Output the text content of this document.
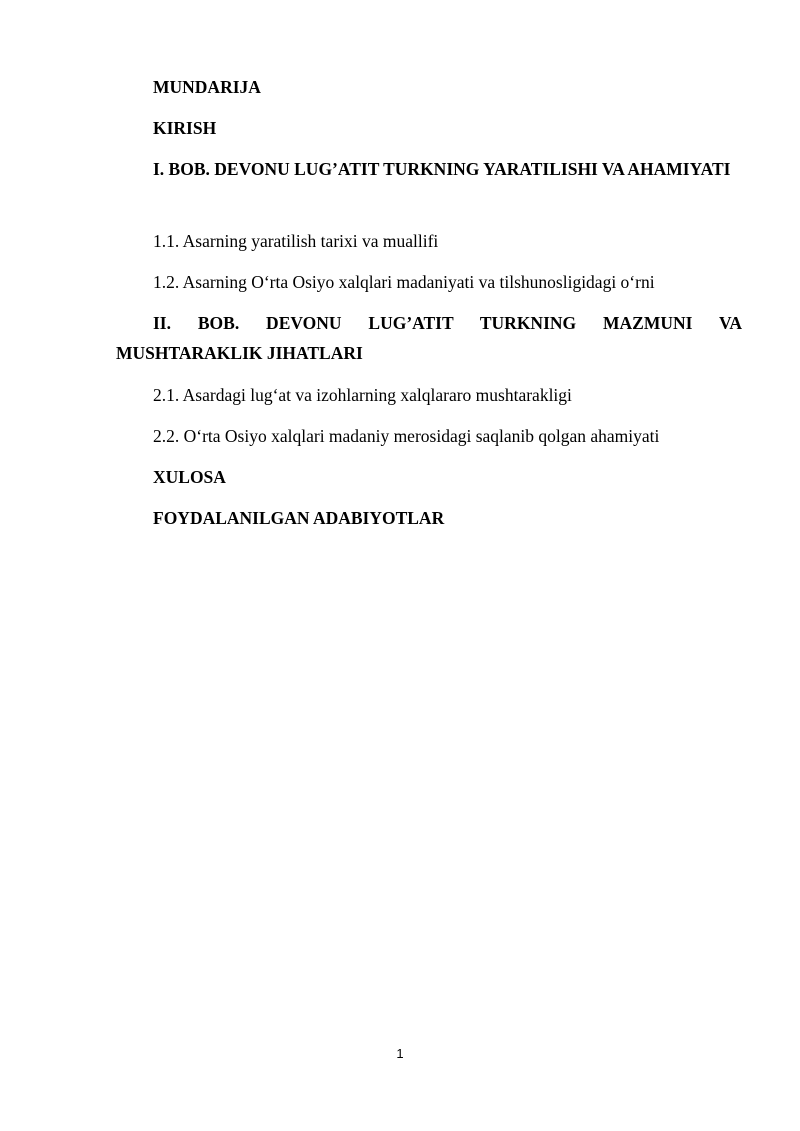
MUNDARIJA

KIRISH

I. BOB. DEVONU LUG’ATIT TURKNING YARATILISHI VA AHAMIYATI

1.1. Asarning yaratilish tarixi va muallifi

1.2. Asarning O‘rta Osiyo xalqlari madaniyati va tilshunosligidagi o‘rni

II. BOB. DEVONU LUG’ATIT TURKNING MAZMUNI VA MUSHTARAKLIK JIHATLARI

2.1. Asardagi lug‘at va izohlarning xalqlararo mushtarakligi

2.2. O‘rta Osiyo xalqlari madaniy merosidagi saqlanib qolgan ahamiyati

XULOSA

FOYDALANILGAN ADABIYOTLAR

1
